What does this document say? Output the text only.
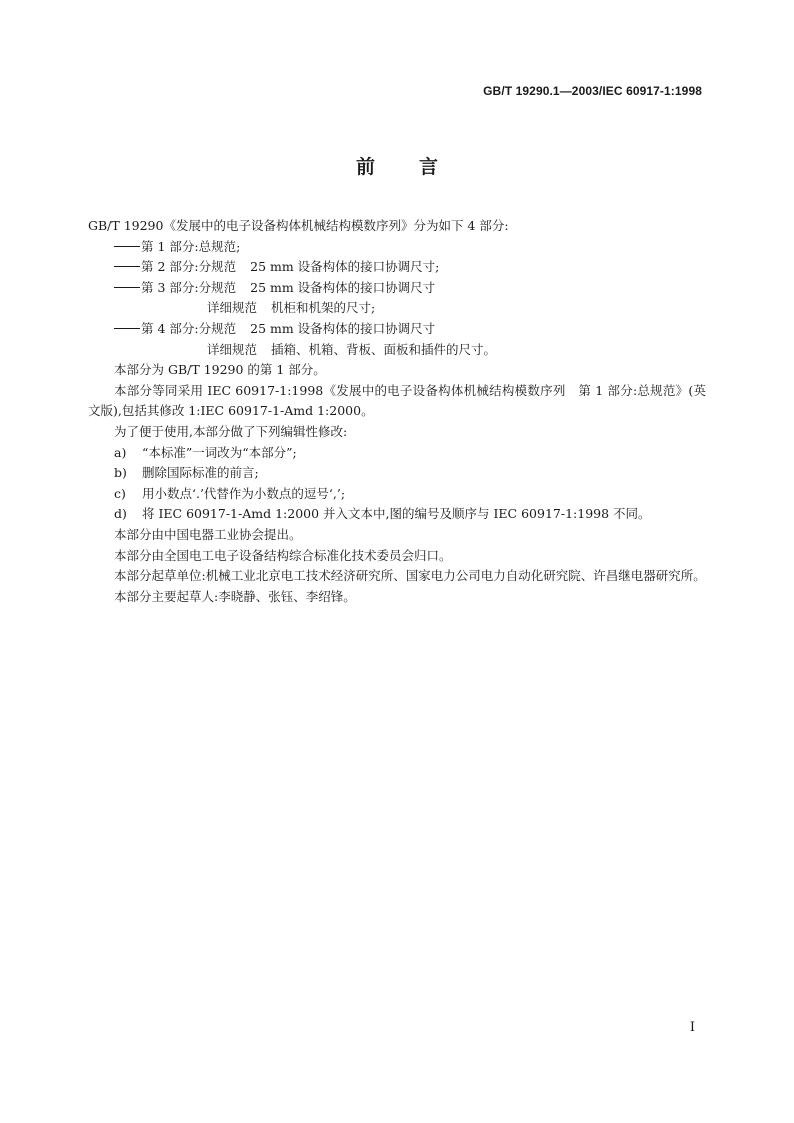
GB/T 19290.1—2003/IEC 60917-1:1998
前 言
GB/T 19290《发展中的电子设备构体机械结构模数序列》分为如下 4 部分:
第 1 部分:总规范;
第 2 部分:分规范 25 mm 设备构体的接口协调尺寸;
第 3 部分:分规范 25 mm 设备构体的接口协调尺寸
详细规范 机柜和机架的尺寸;
第 4 部分:分规范 25 mm 设备构体的接口协调尺寸
详细规范 插箱、机箱、背板、面板和插件的尺寸。
本部分为 GB/T 19290 的第 1 部分。
本部分等同采用 IEC 60917-1:1998《发展中的电子设备构体机械结构模数序列　第 1 部分:总规范》(英文版),包括其修改 1:IEC 60917-1-Amd 1:2000。
为了便于使用,本部分做了下列编辑性修改:
a) “本标准”一词改为“本部分”;
b) 删除国际标准的前言;
c) 用小数点‘.’代替作为小数点的逗号‘,’;
d) 将 IEC 60917-1-Amd 1:2000 并入文本中,图的编号及顺序与 IEC 60917-1:1998 不同。
本部分由中国电器工业协会提出。
本部分由全国电工电子设备结构综合标准化技术委员会归口。
本部分起草单位:机械工业北京电工技术经济研究所、国家电力公司电力自动化研究院、许昌继电器研究所。
本部分主要起草人:李晓静、张钰、李绍锋。
I
